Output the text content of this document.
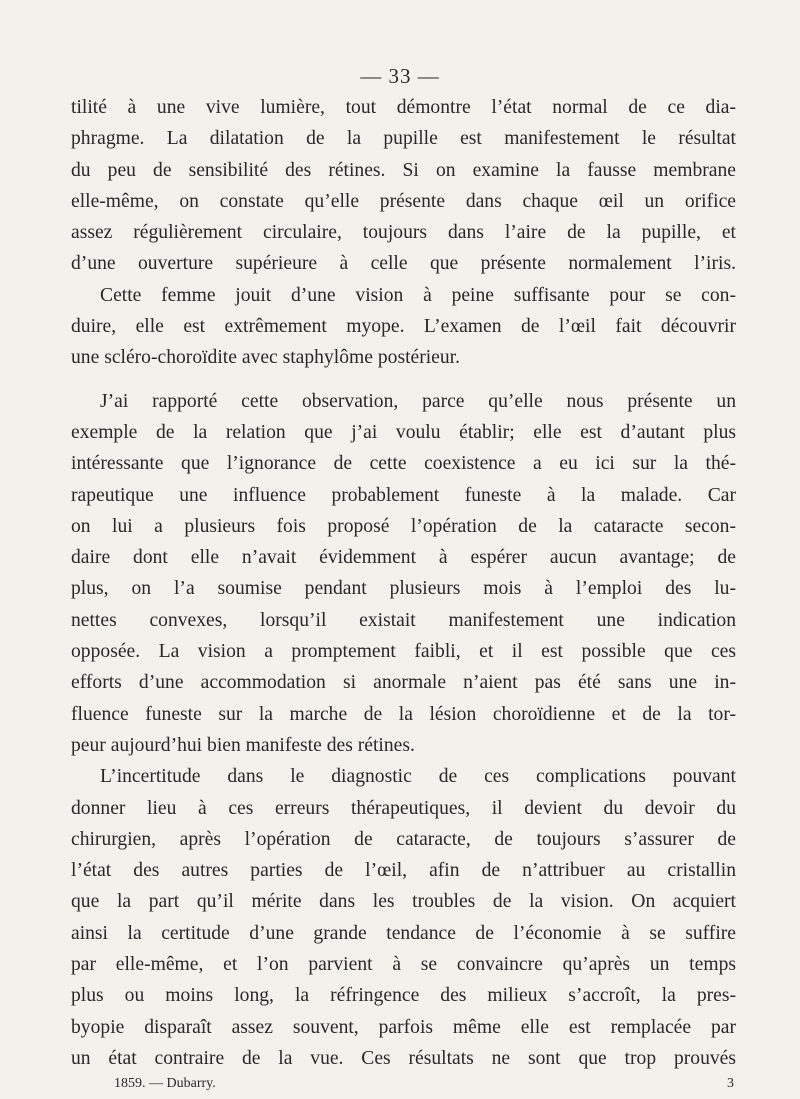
— 33 —
tilité à une vive lumière, tout démontre l’état normal de ce dia-
phragme. La dilatation de la pupille est manifestement le résultat
du peu de sensibilité des rétines. Si on examine la fausse membrane
elle-même, on constate qu’elle présente dans chaque œil un orifice
assez régulièrement circulaire, toujours dans l’aire de la pupille, et
d’une ouverture supérieure à celle que présente normalement l’iris.
Cette femme jouit d’une vision à peine suffisante pour se con-
duire, elle est extrêmement myope. L’examen de l’œil fait découvrir
une scléro-choroïdite avec staphylôme postérieur.
J’ai rapporté cette observation, parce qu’elle nous présente un
exemple de la relation que j’ai voulu établir; elle est d’autant plus
intéressante que l’ignorance de cette coexistence a eu ici sur la thé-
rapeutique une influence probablement funeste à la malade. Car
on lui a plusieurs fois proposé l’opération de la cataracte secon-
daire dont elle n’avait évidemment à espérer aucun avantage; de
plus, on l’a soumise pendant plusieurs mois à l’emploi des lu-
nettes convexes, lorsqu’il existait manifestement une indication
opposée. La vision a promptement faibli, et il est possible que ces
efforts d’une accommodation si anormale n’aient pas été sans une in-
fluence funeste sur la marche de la lésion choroïdienne et de la tor-
peur aujourd’hui bien manifeste des rétines.
L’incertitude dans le diagnostic de ces complications pouvant
donner lieu à ces erreurs thérapeutiques, il devient du devoir du
chirurgien, après l’opération de cataracte, de toujours s’assurer de
l’état des autres parties de l’œil, afin de n’attribuer au cristallin
que la part qu’il mérite dans les troubles de la vision. On acquiert
ainsi la certitude d’une grande tendance de l’économie à se suffire
par elle-même, et l’on parvient à se convaincre qu’après un temps
plus ou moins long, la réfringence des milieux s’accroît, la pres-
byopie disparaît assez souvent, parfois même elle est remplacée par
un état contraire de la vue. Ces résultats ne sont que trop prouvés
1859. — Dubarry.	3
